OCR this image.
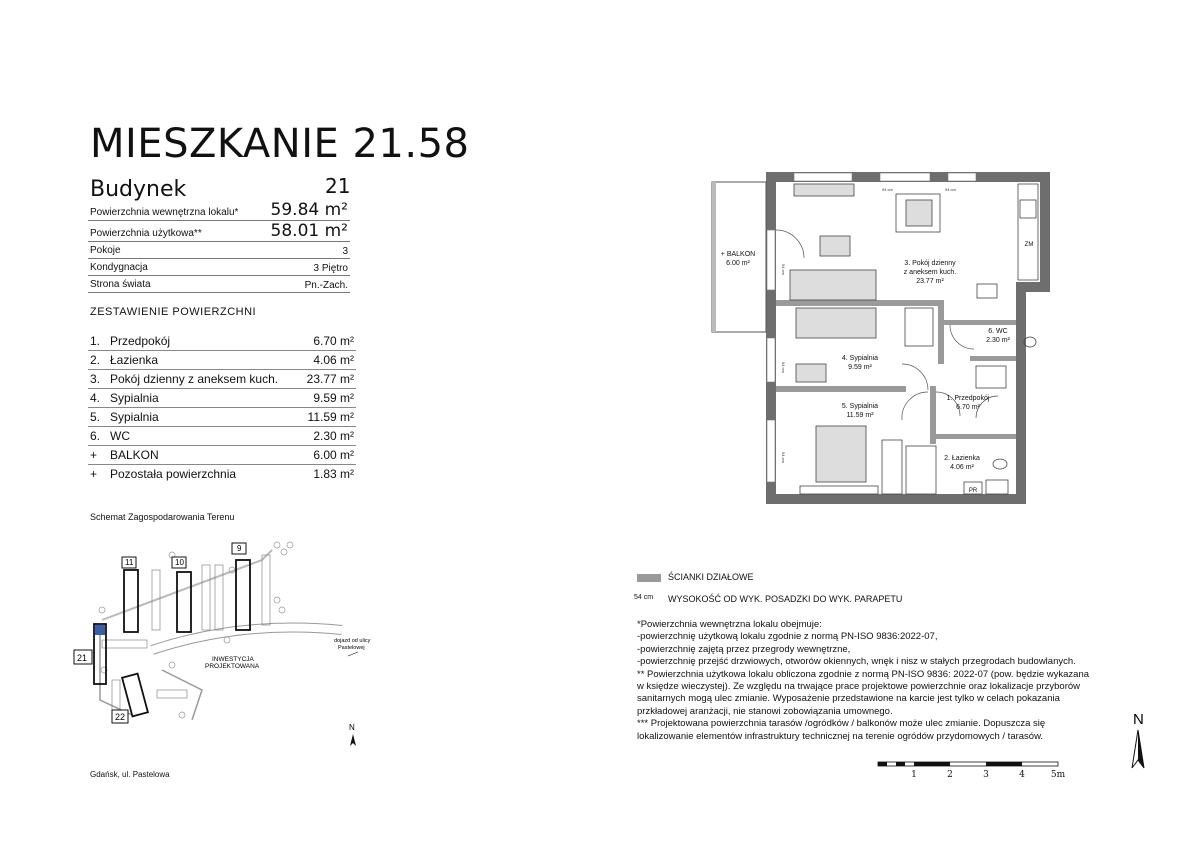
MIESZKANIE 21.58
Budynek	21
Powierzchnia wewnętrzna lokalu* 59.84 m²
Powierzchnia użytkowa**	58.01 m²
Pokoje	3
Kondygnacja	3 Piętro
Strona świata	Pn.-Zach.
ZESTAWIENIE POWIERZCHNI
1. Przedpokój	6.70 m²
2. Łazienka	4.06 m²
3. Pokój dzienny z aneksem kuch. 23.77 m²
4. Sypialnia	9.59 m²
5. Sypialnia	11.59 m²
6. WC	2.30 m²
+	BALKON	6.00 m²
+	Pozostała powierzchnia	1.83 m²
Schemat Zagospodarowania Terenu
11	10
9
21
22
INWESTYCJA
PROJEKTOWANA
dojazd od ulicy
Pastelowej
N
Gdańsk, ul. Pastelowa
+ BALKON
6.00 m²	3. Pokój dzienny
z aneksem kuch.
23.77 m²
4. Sypialnia
9.59 m²
5. Sypialnia
11.59 m²
1. Przedpokój
6.70 m²
6. WC
2.30 m²
2. Łazienka
4.06 m²
ZM
PR
94 cm	94 cm
94 cm
94 cm
94 cm
ŚCIANKI DZIAŁOWE
54 cm WYSOKOŚĆ OD WYK. POSADZKI DO WYK. PARAPETU
*Powierzchnia wewnętrzna lokalu obejmuje:
-powierzchnię użytkową lokalu zgodnie z normą PN-ISO 9836:2022-07,
-powierzchnię zajętą przez przegrody wewnętrzne,
-powierzchnię przejść drzwiowych, otworów okiennych, wnęk i nisz w stałych przegrodach budowlanych.
** Powierzchnia użytkowa lokalu obliczona zgodnie z normą PN-ISO 9836: 2022-07 (pow. będzie wykazana
w księdze wieczystej). Ze względu na trwające prace projektowe powierzchnie oraz lokalizacje przyborów
sanitarnych mogą ulec zmianie. Wyposażenie przedstawione na karcie jest tylko w celach pokazania
przkładowej aranżacji, nie stanowi zobowiązania umownego.
*** Projektowana powierzchnia tarasów /ogródków / balkonów może ulec zmianie. Dopuszcza się
lokalizowanie elementów infrastruktury technicznej na terenie ogródów przydomowych / tarasów.
1	2	3	4	5m
N
